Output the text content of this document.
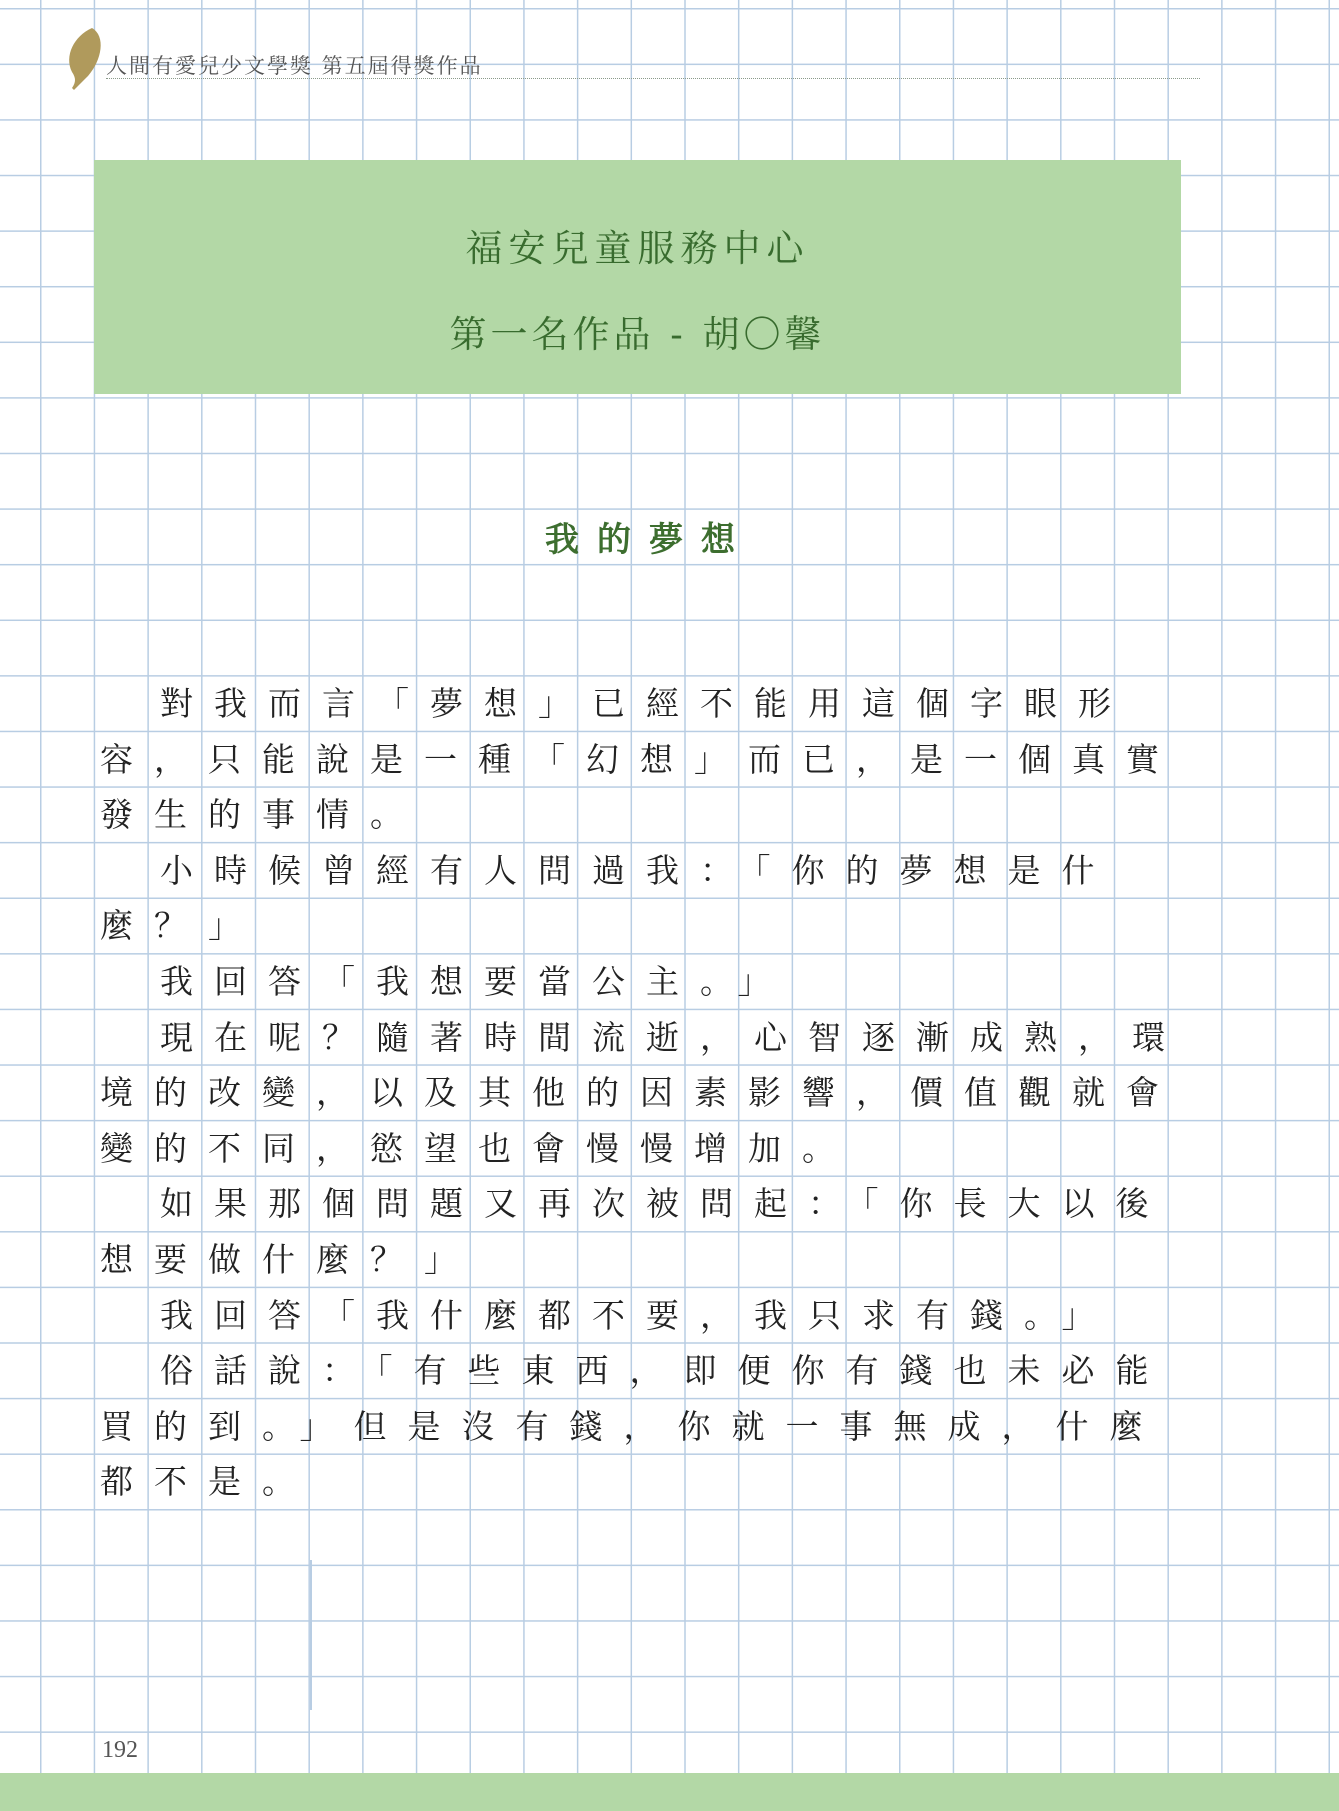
人間有愛兒少文學獎 第五屆得獎作品
福安兒童服務中心
第一名作品 - 胡〇馨
我的夢想
對我而言「夢想」已經不能用這個字眼形
容，只能說是一種「幻想」而已，是一個真實
發生的事情。
小時候曾經有人問過我：「你的夢想是什
麼？」
我回答「我想要當公主。」
現在呢？隨著時間流逝，心智逐漸成熟，環
境的改變，以及其他的因素影響，價值觀就會
變的不同，慾望也會慢慢增加。
如果那個問題又再次被問起：「你長大以後
想要做什麼？」
我回答「我什麼都不要，我只求有錢。」
俗話說：「有些東西，即便你有錢也未必能
買的到。」但是沒有錢，你就一事無成，什麼
都不是。
192
